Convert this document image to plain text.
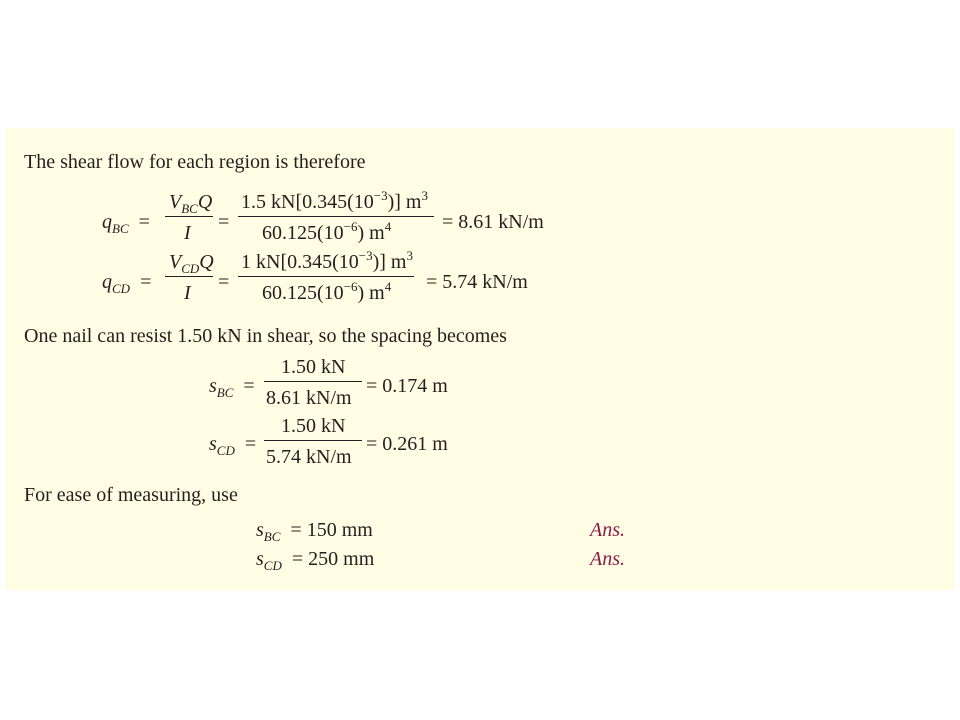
The shear flow for each region is therefore
$q_{BC}$  =
$V_{BC}Q$
I =
1.5 $kN[0.345(10^{-3})]$ $m^3$
$60.125(10^{-6})$ $m^4$	= 8.61 kN/m
$q_{CD}$  =
$V_{CD}Q$
I =
1 $kN[0.345(10^{-3})]$ $m^3$
$60.125(10^{-6}) m^4 = 5.74$ kN/m
One nail can resist 1.50 kN in shear, so the spacing becomes
$s_{BC}$  =
1.50 kN
8.61 kN/m
= 0.174 m
$s_{CD}$  =
1.50 kN
5.74 kN/m
= 0.261 m
For ease of measuring, use
$s_{BC} = 150$ mm	Ans.
$s_{CD} = 250$ mm	Ans.
